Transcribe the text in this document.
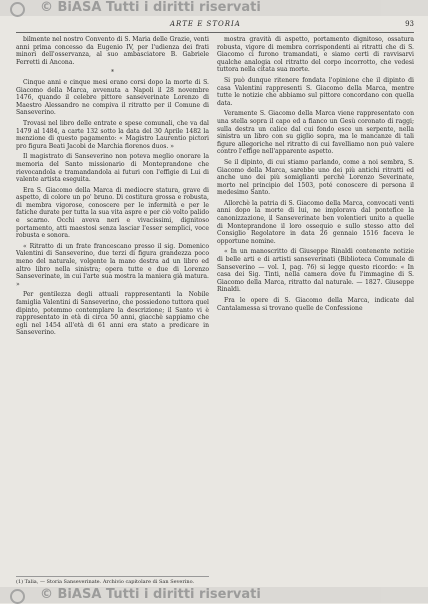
© BiASA Tutti i diritti riservati
ARTE E STORIA	93

bilmente nel nostro Convento di S. Maria delle Grazie, venti anni prima concesso da Eugenio IV, per l'udienza dei frati minori dell'osservanza, al suo ambasciatore B. Gabriele Ferretti di Ancona.

*

Cinque anni e cinque mesi erano corsi dopo la morte di S. Giacomo della Marca, avvenuta a Napoli il 28 novembre 1476, quando il celebre pittore sanseverinate Lorenzo di Maestro Alessandro ne compiva il ritratto per il Comune di Sanseverino.

Trovasi nel libro delle entrate e spese comunali, che va dal 1479 al 1484, a carte 132 sotto la data del 30 Aprile 1482 la menzione di questo pagamento: « Magistro Laurentio pictori pro figura Beati Jacobi de Marchia florenos duos. »

Il magistrato di Sanseverino non poteva meglio onorare la memoria del Santo missionario di Monteprandone che rievocandola e tramandandola ai futuri con l'effigie di Lui di valente artista eseguita.

Era S. Giacomo della Marca di mediocre statura, grave di aspetto, di colore un po' bruno. Di costitura grossa e robusta, di membra vigorose, conoscere per le infermità e per le fatiche durate per tutta la sua vita aspre e per ciò volto palido e scarno. Occhi aveva neri e vivacissimi, dignitoso portamento, atti maestosi senza lasciar l'esser semplici, voce robusta e sonora.

« Ritratto di un frate francescano presso il sig. Domenico Valentini di Sanseverino, due terzi di figura grandezza poco meno del naturale, volgente la mano destra ad un libro ed altro libro nella sinistra; opera tutte e due di Lorenzo Sanseverinate, in cui l'arte sua mostra la maniera già matura. »

Per gentilezza degli attuali rappresentanti la Nobile famiglia Valentini di Sanseverino, che possiedono tuttora quel dipinto, potemmo contemplare la descrizione; il Santo vi è rappresentato in età di circa 50 anni, giacchè sappiamo che egli nel 1454 all'età di 61 anni era stato a predicare in Sanseverino.

(1) Talia, — Storia Sanseverinate. Archivio capitolare di San Severino.

mostra gravità di aspetto, portamento dignitoso, ossatura robusta, vigore di membra corrispondenti ai ritratti che di S. Giacomo ci furono tramandati, e siamo certi di ravvisarvi qualche analogia col ritratto del corpo incorrotto, che vedesi tuttora nella citata sua morte.

Si può dunque ritenere fondata l'opinione che il dipinto di casa Valentini rappresenti S. Giacomo della Marca, mentre tutte le notizie che abbiamo sul pittore concordano con quella data.

Veramente S. Giacomo della Marca viene rappresentato con una stella sopra il capo ed a fianco un Gesù coronato di raggi; sulla destra un calice dal cui fondo esce un serpente, nella sinistra un libro con su giglio sopra, ma le mancanze di tali figure allegoriche nel ritratto di cui favelliamo non può valere contro l'effige nell'apparente aspetto.

Se il dipinto, di cui stiamo parlando, come a noi sembra, S. Giacomo della Marca, sarebbe uno dei più antichi ritratti ed anche uno dei più somiglianti perchè Lorenzo Severinate, morto nel principio del 1503, poté conoscere di persona il medesimo Santo.

Allorchè la patria di S. Giacomo della Marca, convocati venti anni dopo la morte di lui, ne implorava dal pontefice la canonizzazione, il Sanseverinate ben volentieri unito a quelle di Monteprandone il loro ossequio e sullo stesso atto del Consiglio Regolatore in data 26 gennaio 1516 faceva le opportune nomine.

« In un manoscritto di Giuseppe Rinaldi contenente notizie di belle arti e di artisti sanseverinati (Biblioteca Comunale di Sanseverino — vol. I, pag. 76) si legge questo ricordo: « In casa dei Sig. Tinti, nella camera dove fu l'immagine di S. Giacomo della Marca, ritratto dal naturale. — 1827. Giuseppe Rinaldi.

Fra le opere di S. Giacomo della Marca, indicate dal Cantalamessa si trovano quelle de Confessione

© BiASA Tutti i diritti riservati
